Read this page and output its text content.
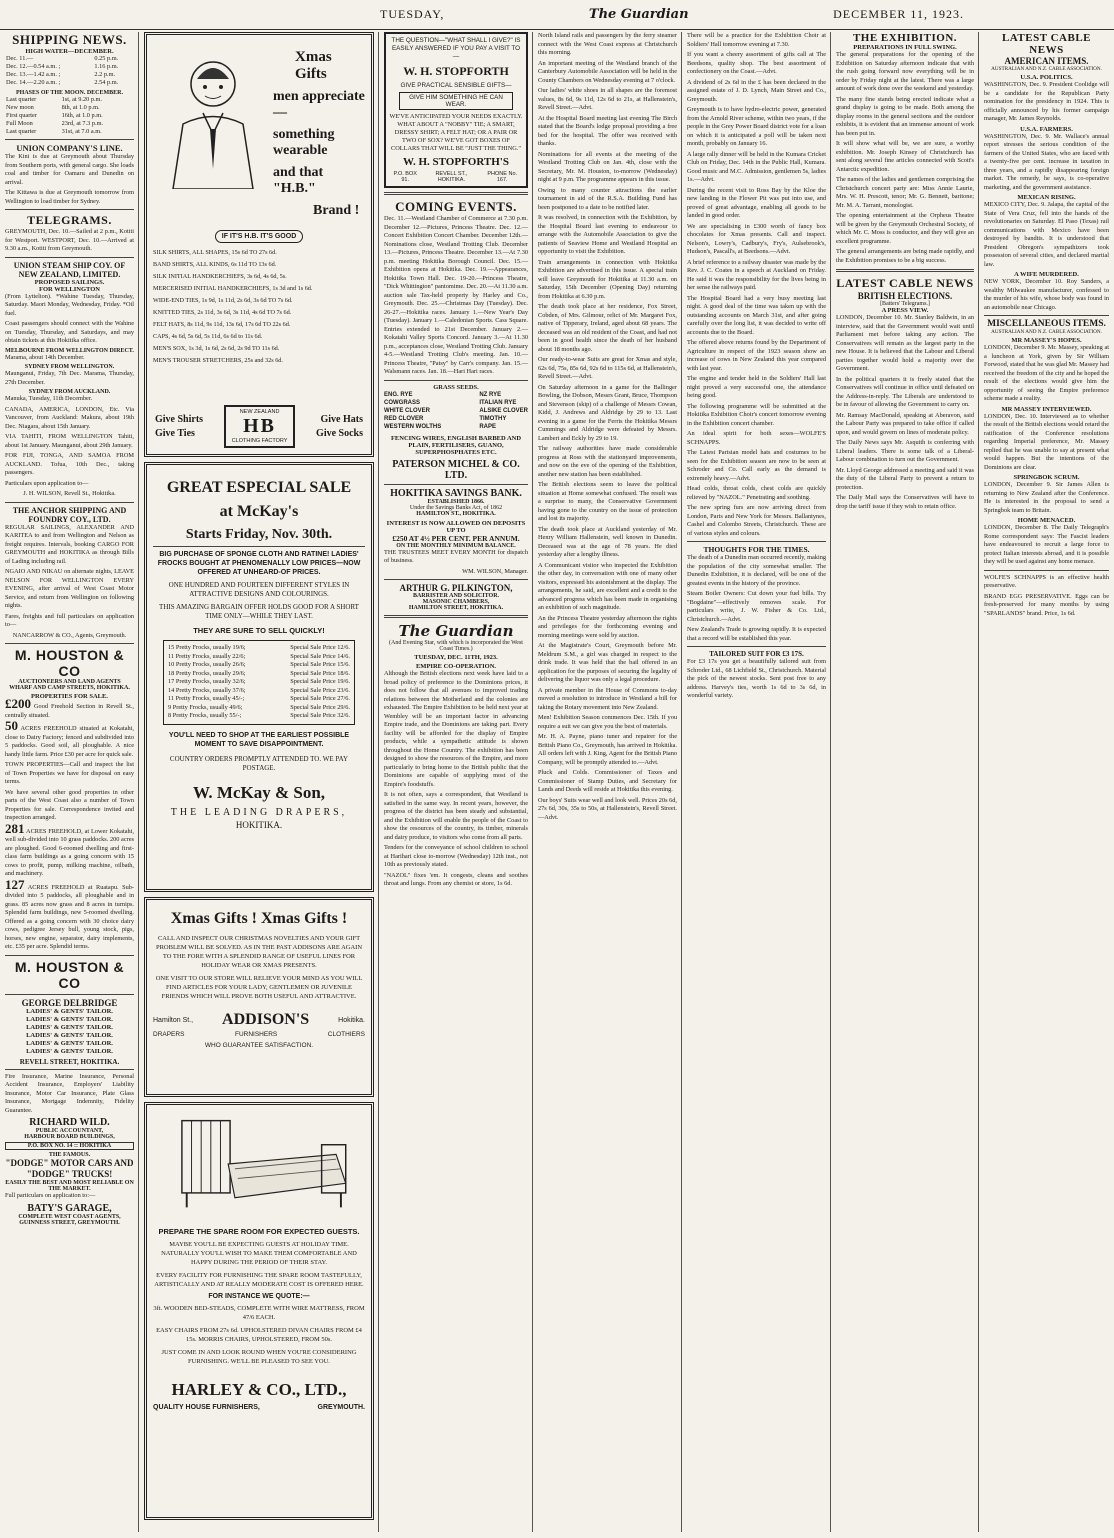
TUESDAY,	The Guardian	DECEMBER 11, 1923.
SHIPPING NEWS.
HIGH WATER—DECEMBER.
Dec. 11.—	0.25 p.m.
Dec. 12.—0.54 a.m. ;	1.16 p.m.
Dec. 13.—1.42 a.m. ;	2.2 p.m.
Dec. 14.—2.20 a.m. ;	2.54 p.m.
PHASES OF THE MOON. DECEMBER.
Last quarter	1st, at 9.20 p.m.
New moon	8th, at 1.0 p.m.
First quarter	16th, at 1.0 p.m.
Full Moon	23rd, at 7.3 p.m.
Last quarter	31st, at 7.0 a.m.
UNION COMPANY'S LINE.

The Kini is due at Greymouth about Thursday from Southern ports, with general cargo. She loads coal and timber for Oamaru and Dunedin on arrival.

The Kittawa is due at Greymouth tomorrow from Wellington to load timber for Sydney.

TELEGRAMS.

GREYMOUTH, Dec. 10.—Sailed at 2 p.m., Kotiti for Westport. WESTPORT, Dec. 10.—Arrived at 9.30 a.m., Kotiti from Greymouth.

UNION STEAM SHIP COY. OF NEW ZEALAND, LIMITED.
PROPOSED SAILINGS.
FOR WELLINGTON

(From Lyttelton). *Wahine Tuesday, Thursday, Saturday. Maori Monday, Wednesday, Friday. *Oil fuel.

Coast passengers should connect with the Wahine on Tuesday, Thursday, and Saturdays, and may obtain tickets at this Hokitika office.

MELBOURNE FROM WELLINGTON DIRECT.

Marama, about 14th December.

SYDNEY FROM WELLINGTON.

Maunganui, Friday, 7th Dec. Marama, Thursday, 27th December.

SYDNEY FROM AUCKLAND.

Manuka, Tuesday, 11th December.

CANADA, AMERICA, LONDON, Etc. Via Vancouver, from Auckland: Makura, about 19th Dec. Niagara, about 15th January.

VIA TAHITI, FROM WELLINGTON Tahiti, about 1st January. Maunganui, about 29th January.

FOR FIJI, TONGA, AND SAMOA FROM AUCKLAND. Tofua, 10th Dec., taking passengers.

Particulars upon application to—

J. H. WILSON, Revell St., Hokitika.

THE ANCHOR SHIPPING AND FOUNDRY COY., LTD.

REGULAR SAILINGS, ALEXANDER AND KARITEA to and from Wellington and Nelson as freight requires. Intervals, booking CARGO FOR GREYMOUTH and HOKITIKA as through Bills of Lading including rail.

NGAIO AND NIKAU on alternate nights, LEAVE NELSON FOR WELLINGTON EVERY EVENING, after arrival of West Coast Motor Service, and return from Wellington on following nights.

Fares, freights and full particulars on application to—

NANCARROW & CO., Agents, Greymouth.

M. HOUSTON & CO
AUCTIONEERS AND LAND AGENTS
WHARF AND CAMP STREETS, HOKITIKA.
PROPERTIES FOR SALE.

£200 Good Freehold Section in Revell St., centrally situated.

50 ACRES FREEHOLD situated at Kokatahi, close to Dairy Factory; fenced and subdivided into 5 paddocks. Good soil, all ploughable. A nice handy little farm. Price £30 per acre for quick sale.

TOWN PROPERTIES—Call and inspect the list of Town Properties we have for disposal on easy terms.

We have several other good properties in other parts of the West Coast also a number of Town Properties for sale. Correspondence invited and inspection arranged.

281 ACRES FREEHOLD, at Lower Kokatahi, well sub-divided into 10 grass paddocks. 200 acres are ploughed. Good 6-roomed dwelling and first-class farm buildings as a going concern with 15 cows to profit, pump, milking machine, oilbath, and machinery.

127 ACRES FREEHOLD at Ruatapu. Sub-divided into 5 paddocks, all ploughable and in grass. 85 acres now grass and 8 acres in turnips. Splendid farm buildings, new 5-roomed dwelling. Offered as a going concern with 30 choice dairy cows, pedigree Jersey bull, young stock, pigs, horses, new engine, separator, dairy implements, etc. £35 per acre. Splendid terms.

M. HOUSTON & CO
GEORGE DELBRIDGE
LADIES' & GENTS' TAILOR.
LADIES' & GENTS' TAILOR.
LADIES' & GENTS' TAILOR.
LADIES' & GENTS' TAILOR.
LADIES' & GENTS' TAILOR.
LADIES' & GENTS' TAILOR.
REVELL STREET, HOKITIKA.

Fire Insurance, Marine Insurance, Personal Accident Insurance, Employers' Liability Insurance, Motor Car Insurance, Plate Glass Insurance, Mortgage Indemnity, Fidelity Guarantee.

RICHARD WILD.
PUBLIC ACCOUNTANT,
HARBOUR BOARD BUILDINGS,
P.O. BOX NO. 14 :: HOKITIKA
THE FAMOUS.
"DODGE" MOTOR CARS AND "DODGE" TRUCKS!
EASILY THE BEST AND MOST RELIABLE ON THE MARKET.

Full particulars on application to:—

BATY'S GARAGE,
COMPLETE WEST COAST AGENTS,
GUINNESS STREET, GREYMOUTH.
Xmas Gifts
men appreciate—
something wearable
and that "H.B."
Brand !
IF IT'S H.B. IT'S GOOD
SILK SHIRTS, ALL SHAPES, 15s 6d TO 27s 6d.
BAND SHIRTS, ALL KINDS, 6s 11d TO 13s 6d.
SILK INITIAL HANDKERCHIEFS, 3s 6d, 4s 6d, 5s.
MERCERISED INITIAL HANDKERCHIEFS, 1s 3d and 1s 6d.
WIDE-END TIES, 1s 9d, 1s 11d, 2s 6d, 3s 6d TO 7s 6d.
KNITTED TIES, 2s 11d, 3s 6d, 3s 11d, 4s 6d TO 7s 6d.
FELT HATS, 8s 11d, 9s 11d, 13s 6d, 17s 6d TO 22s 6d.
CAPS, 4s 6d, 5s 6d, 5s 11d, 6s 6d to 11s 6d.
MEN'S SOX, 1s 3d, 1s 6d, 2s 6d, 2s 9d TO 11s 6d.
MEN'S TROUSER STRETCHERS, 25s and 32s 6d.
Give Shirts
Give Ties
NEW ZEALAND
HB
CLOTHING FACTORY
Give Hats
Give Socks
GREAT ESPECIAL SALE
at McKay's
Starts Friday, Nov. 30th.
BIG PURCHASE OF SPONGE CLOTH AND RATINE! LADIES' FROCKS BOUGHT AT PHENOMENALLY LOW PRICES—NOW OFFERED AT UNHEARD-OF PRICES.
ONE HUNDRED AND FOURTEEN DIFFERENT STYLES IN ATTRACTIVE DESIGNS AND COLOURINGS.
THIS AMAZING BARGAIN OFFER HOLDS GOOD FOR A SHORT TIME ONLY—WHILE THEY LAST.
THEY ARE SURE TO SELL QUICKLY!
15 Pretty Frocks, usually 19/6;	Special Sale Price 12/6.
11 Pretty Frocks, usually 22/6;	Special Sale Price 14/6.
10 Pretty Frocks, usually 26/6;	Special Sale Price 15/6.
18 Pretty Frocks, usually 29/6;	Special Sale Price 18/6.
17 Pretty Frocks, usually 32/6;	Special Sale Price 19/6.
14 Pretty Frocks, usually 37/6;	Special Sale Price 23/6.
11 Pretty Frocks, usually 45/-;	Special Sale Price 27/6.
9 Pretty Frocks, usually 49/6;	Special Sale Price 29/6.
8 Pretty Frocks, usually 55/-;	Special Sale Price 32/6.
YOU'LL NEED TO SHOP AT THE EARLIEST POSSIBLE MOMENT TO SAVE DISAPPOINTMENT.
COUNTRY ORDERS PROMPTLY ATTENDED TO. WE PAY POSTAGE.
W. McKay & Son,
THE LEADING DRAPERS,
HOKITIKA.
Xmas Gifts ! Xmas Gifts !
CALL AND INSPECT OUR CHRISTMAS NOVELTIES AND YOUR GIFT PROBLEM WILL BE SOLVED. AS IN THE PAST ADDISONS ARE AGAIN TO THE FORE WITH A SPLENDID RANGE OF USEFUL LINES FOR HOLIDAY WEAR OR XMAS PRESENTS.
ONE VISIT TO OUR STORE WILL RELIEVE YOUR MIND AS YOU WILL FIND ARTICLES FOR YOUR LADY, GENTLEMEN OR JUVENILE FRIENDS WHICH WILL PROVE BOTH USEFUL AND ATTRACTIVE.
Hamilton St., ADDISON'S	Hokitika.
DRAPERS	FURNISHERS	CLOTHIERS
WHO GUARANTEE SATISFACTION.
PREPARE THE SPARE ROOM FOR EXPECTED GUESTS.
MAYBE YOU'LL BE EXPECTING GUESTS AT HOLIDAY TIME. NATURALLY YOU'LL WISH TO MAKE THEM COMFORTABLE AND HAPPY DURING THE PERIOD OF THEIR STAY.
EVERY FACILITY FOR FURNISHING THE SPARE ROOM TASTEFULLY, ARTISTICALLY AND AT REALLY MODERATE COST IS OFFERED HERE.
FOR INSTANCE WE QUOTE:—
3ft. WOODEN BED-STEADS, COMPLETE WITH WIRE MATTRESS, FROM 47/6 EACH.
EASY CHAIRS FROM 27s 6d. UPHOLSTERED DIVAN CHAIRS FROM £4 15s. MORRIS CHAIRS, UPHOLSTERED, FROM 50s.
JUST COME IN AND LOOK ROUND WHEN YOU'RE CONSIDERING FURNISHING. WE'LL BE PLEASED TO SEE YOU.
HARLEY & CO., LTD.,
QUALITY HOUSE FURNISHERS,	GREYMOUTH.
THE QUESTION—"WHAT SHALL I GIVE?" IS EASILY ANSWERED IF YOU PAY A VISIT TO—
W. H. STOPFORTH
GIVE PRACTICAL SENSIBLE GIFTS—
GIVE HIM SOMETHING HE CAN WEAR.
WE'VE ANTICIPATED YOUR NEEDS EXACTLY. WHAT ABOUT A "NOBBY" TIE; A SMART, DRESSY SHIRT; A FELT HAT; OR A PAIR OR TWO OF SOX? WE'VE GOT BOXES OF COLLARS THAT WILL BE "JUST THE THING."
W. H. STOPFORTH'S
P.O. BOX 91.
REVELL ST., HOKITIKA.
PHONE No. 167.
COMING EVENTS.

Dec. 11.—Westland Chamber of Commerce at 7.30 p.m. December 12.—Pictures, Princess Theatre. Dec. 12.—Concert Exhibition Concert Chamber. December 12th.—Nominations close, Westland Trotting Club. December 13.—Pictures, Princess Theatre. December 13.—At 7.30 p.m. meeting Hokitika Borough Council. Dec. 15.—Exhibition opens at Hokitika. Dec. 19.—Appearances, Hokitika Town Hall. Dec. 19-20.—Princess Theatre, "Dick Whittington" pantomime. Dec. 20.—At 11.30 a.m. auction sale Tax-held property by Harley and Co., Greymouth. Dec. 25.—Christmas Day (Tuesday). Dec. 26-27.—Hokitika races. January 1.—New Year's Day (Tuesday). January 1.—Caledonian Sports. Cass Square. Entries extended to 21st December. January 2.—Kokatahi Valley Sports Concord. January 3.—At 11.30 p.m., acceptances close, Westland Trotting Club. January 4-5.—Westland Trotting Club's meeting. Jan. 10.—Princess Theatre, "Patsy" by Carr's company. Jan. 15.—Walsmann races. Jan. 18.—Hari Hari races.

GRASS SEEDS.
ENG. RYE
COWGRASS
WHITE CLOVER
RED CLOVER
WESTERN WOLTHS
NZ RYE
ITALIAN RYE
ALSIKE CLOVER
TIMOTHY
RAPE
FENCING WIRES, ENGLISH BARBED AND PLAIN, FERTILISERS, GUANO, SUPERPHOSPHATES ETC.
PATERSON MICHEL & CO. LTD.
HOKITIKA SAVINGS BANK.
ESTABLISHED 1866.
Under the Savings Banks Act, of 1862
HAMILTON ST., HOKITIKA.
INTEREST IS NOW ALLOWED ON DEPOSITS UP TO
£250 AT 4½ PER CENT. PER ANNUM.
ON THE MONTHLY MINIMUM BALANCE.

THE TRUSTEES MEET EVERY MONTH for dispatch of business.

WM. WILSON, Manager.

ARTHUR G. PILKINGTON,
BARRISTER AND SOLICITOR.
MASONIC CHAMBERS,
HAMILTON STREET, HOKITIKA.
The Guardian
(And Evening Star, with which is incorporated the West Coast Times.)
TUESDAY, DEC. 11TH, 1923.
EMPIRE CO-OPERATION.

Although the British elections next week have laid to a broad policy of preference to the Dominions prices, it does not follow that all avenues to improved trading relations between the Motherland and the colonies are exhausted. The Empire Exhibition to be held next year at Wembley will be an important factor in advancing Empire trade, and the Dominions are taking part. Every facility will be afforded for the display of Empire products, while a sympathetic attitude is shown throughout the Home Country. The exhibition has been designed to show the resources of the Empire, and more particularly to bring home to the British public that the Dominions are capable of supplying most of the Empire's foodstuffs.

It is not often, says a correspondent, that Westland is satisfied in the same way. In recent years, however, the progress of the district has been steady and substantial, and the Exhibition will enable the people of the Coast to show the resources of the country, its timber, minerals and dairy produce, to visitors who come from all parts.

Tenders for the conveyance of school children to school at Harihari close to-morrow (Wednesday) 12th inst., not 10th as previously stated.

"NAZOL" fixes 'em. It congests, cleans and soothes throat and lungs. From any chemist or store, 1s 6d.

North Island rails and passengers by the ferry steamer connect with the West Coast express at Christchurch this morning.

An important meeting of the Westland branch of the Canterbury Automobile Association will be held in the County Chambers on Wednesday evening at 7 o'clock.

Our ladies' white shoes in all shapes are the foremost values, 8s 6d, 9s 11d, 12s 6d to 21s, at Hallenstein's, Revell Street.—Advt.

At the Hospital Board meeting last evening The Birch stated that the Board's lodge proposal providing a free bed for the hospital. The offer was received with thanks.

Nominations for all events at the meeting of the Westland Trotting Club on Jan. 4th, close with the Secretary, Mr. M. Houston, to-morrow (Wednesday) night at 9 p.m. The programme appears in this issue.

Owing to many counter attractions the earlier tournament in aid of the R.S.A. Building Fund has been postponed to a date to be notified later.

It was resolved, in connection with the Exhibition, by the Hospital Board last evening to endeavour to arrange with the Automobile Association to give the patients of Seaview Home and Westland Hospital an opportunity to visit the Exhibition.

Train arrangements in connection with Hokitika Exhibition are advertised in this issue. A special train will leave Greymouth for Hokitika at 11.30 a.m. on Saturday, 15th December (Opening Day) returning from Hokitika at 6.30 p.m.

The death took place at her residence, Fox Street, Cobden, of Mrs. Gilmour, relict of Mr. Margaret Fox, native of Tipperary, Ireland, aged about 68 years. The deceased was an old resident of the Coast, and had not been in good health since the death of her husband about 18 months ago.

Our ready-to-wear Suits are great for Xmas and style, 62s 6d, 75s, 85s 6d, 92s 6d to 115s 6d, at Hallenstein's, Revell Street.—Advt.

On Saturday afternoon in a game for the Ballinger Bowling, the Dobson, Messrs Grant, Bruce, Thompson and Stevenson (skip) of a challenge of Messrs Cowan, Kidd, J. Andrews and Aldridge by 29 to 13. Last evening in a game for the Ferris the Hokitika Messrs Cummings and Aldridge were defeated by Messrs. Lambert and Eckly by 29 to 19.

The railway authorities have made considerable progress at Ross with the stationyard improvements, and now on the eve of the opening of the Exhibition, another new station has been established.

The British elections seem to leave the political situation at Home somewhat confused. The result was a surprise to many, the Conservative Government having gone to the country on the issue of protection and lost its majority.

The death took place at Auckland yesterday of Mr. Henry William Hallenstein, well known in Dunedin. Deceased was at the age of 78 years. He died yesterday after a lengthy illness.

A Communicant visitor who inspected the Exhibition the other day, in conversation with one of many other visitors, expressed his astonishment at the display. The arrangements, he said, are excellent and a credit to the advanced progress which has been made in organising an exhibition of such magnitude.

An the Princess Theatre yesterday afternoon the rights and privileges for the forthcoming evening and morning meetings were sold by auction.

At the Magistrate's Court, Greymouth before Mr. Meldrum S.M., a girl was charged in respect to the drink trade. It was held that the bail offered in an application for the purposes of securing the legality of delivering the liquor was only a legal procedure.

A private member in the House of Commons to-day moved a resolution to introduce in Westland a bill for taking the Rotary movement into New Zealand.

Men! Exhibition Season commences Dec. 15th. If you require a suit we can give you the best of materials.

Mr. H. A. Payne, piano tuner and repairer for the British Piano Co., Greymouth, has arrived in Hokitika. All orders left with J. King, Agent for the British Piano Company, will be promptly attended to.—Advt.

Pluck and Colds. Commissioner of Taxes and Commissioner of Stamp Duties, and Secretary for Lands and Deeds will reside at Hokitika this evening.

Our boys' Suits wear well and look well. Prices 20s 6d, 27s 6d, 30s, 35s to 50s, at Hallenstein's, Revell Street.—Advt.

There will be a practice for the Exhibition Choir at Soldiers' Hall tomorrow evening at 7.30.

If you want a cheery assortment of gifts call at The Beedsons, quality shop. The best assortment of confectionery on the Coast.—Advt.

A dividend of 2s 6d in the £ has been declared in the assigned estate of J. D. Lynch, Main Street and Co., Greymouth.

Greymouth is to have hydro-electric power, generated from the Arnold River scheme, within two years, if the people in the Grey Power Board district vote for a loan on which it is anticipated a poll will be taken next month, probably on January 16.

A large rally dinner will be held in the Kumara Cricket Club on Friday, Dec. 14th in the Public Hall, Kumara. Good music and M.C. Admission, gentlemen 5s, ladies 1s.—Advt.

During the recent visit to Ross Bay by the Kloe the new landing in the Flower Pit was put into use, and proved of great advantage, enabling all goods to be landed in good order.

We are specialising in £300 worth of fancy box chocolates for Xmas presents. Call and inspect. Nelson's, Lowry's, Cadbury's, Fry's, Aulsebrook's, Hudson's, Pascall's, at Beedsons.—Advt.

A brief reference to a railway disaster was made by the Rev. J. C. Coates in a speech at Auckland on Friday. He said it was the responsibility for the lives being in her sense the railways paid.

The Hospital Board had a very busy meeting last night. A good deal of the time was taken up with the outstanding accounts on March 31st, and after going carefully over the long list, it was decided to write off accounts due to the Board.

The offered above returns found by the Department of Agriculture in respect of the 1923 season show an increase of cows in New Zealand this year compared with last year.

The engine and tender held in the Soldiers' Hall last night proved a very successful one, the attendance being good.

The following programme will be submitted at the Hokitika Exhibition Choir's concert tomorrow evening in the Exhibition concert chamber.

An ideal spirit for both sexes—WOLFE'S SCHNAPPS.

The Latest Parisian model hats and costumes to be seen for the Exhibition season are now to be seen at Schroder and Co. Call early as the demand is extremely heavy.—Advt.

Head colds, throat colds, chest colds are quickly relieved by "NAZOL." Penetrating and soothing.

The new spring furs are now arriving direct from London, Paris and New York for Messrs. Ballantynes, Cashel and Colombo Streets, Christchurch. These are of various styles and colours.

THOUGHTS FOR THE TIMES.

The death of a Dunedin man occurred recently, making the population of the city somewhat smaller. The Dunedin Exhibition, it is declared, will be one of the greatest events in the history of the province.

Steam Boiler Owners: Cut down your fuel bills. Try "Bogdaine"—effectively removes scale. For particulars write, J. W. Fisher & Co. Ltd., Christchurch.—Advt.

New Zealand's Trade is growing rapidly. It is expected that a record will be established this year.

TAILORED SUIT FOR £3 17S.

For £3 17s you get a beautifully tailored suit from Schroder Ltd., 68 Lichfield St., Christchurch. Material the pick of the newest stocks. Sent post free to any address. Harvey's ties, worth 1s 6d to 3s 6d, in wonderful variety.

THE EXHIBITION.
PREPARATIONS IN FULL SWING.

The general preparations for the opening of the Exhibition on Saturday afternoon indicate that with the rush going forward now everything will be in order by Friday night at the latest. There was a large amount of work done over the weekend and yesterday.

The many fine stands being erected indicate what a grand display is going to be made. Both among the display rooms in the general sections and the outdoor exhibits, it is evident that an immense amount of work has been put in.

It will show what will be, we are sure, a worthy exhibition. Mr. Joseph Kinsey of Christchurch has sent along several fine articles connected with Scott's Antarctic expedition.

The names of the ladies and gentlemen comprising the Christchurch concert party are: Miss Annie Laurie, Mrs. W. H. Prescott, tenor; Mr. G. Bennett, baritone; Mr. M. A. Tarrant, monologist.

The opening entertainment at the Orpheus Theatre will be given by the Greymouth Orchestral Society, of which Mr. C. Moss is conductor, and they will give an excellent programme.

The general arrangements are being made rapidly, and the Exhibition promises to be a big success.

LATEST CABLE NEWS
BRITISH ELECTIONS.
[Batters' Telegrams.]
A PRESS VIEW.

LONDON, December 10. Mr. Stanley Baldwin, in an interview, said that the Government would wait until Parliament met before taking any action. The Conservatives will remain as the largest party in the new House. It is believed that the Labour and Liberal parties together would hold a majority over the Government.

In the political quarters it is freely stated that the Conservatives will continue in office until defeated on the Address-in-reply. The Liberals are understood to be in favour of allowing the Government to carry on.

Mr. Ramsay MacDonald, speaking at Aberavon, said the Labour Party was prepared to take office if called upon, and would govern on lines of moderate policy.

The Daily News says Mr. Asquith is conferring with Liberal leaders. There is some talk of a Liberal-Labour combination to turn out the Government.

Mr. Lloyd George addressed a meeting and said it was the duty of the Liberal Party to prevent a return to protection.

The Daily Mail says the Conservatives will have to drop the tariff issue if they wish to retain office.

LATEST CABLE NEWS
AMERICAN ITEMS.
AUSTRALIAN AND N.Z. CABLE ASSOCIATION.
U.S.A. POLITICS.

WASHINGTON, Dec. 9. President Coolidge will be a candidate for the Republican Party nomination for the presidency in 1924. This is officially announced by his former campaign manager, Mr. James Reynolds.

U.S.A. FARMERS.

WASHINGTON, Dec. 9. Mr. Wallace's annual report stresses the serious condition of the farmers of the United States, who are faced with a twenty-five per cent. increase in taxation in three years, and a rapidly disappearing foreign market. The remedy, he says, is co-operative marketing, and the government assistance.

MEXICAN RISING.

MEXICO CITY, Dec. 9. Jalapa, the capital of the State of Vera Cruz, fell into the hands of the revolutionaries on Saturday. El Paso (Texas) rail communications with Mexico have been destroyed by bandits. It is understood that President Obregon's sympathizers took possession of several cities, and declared martial law.

A WIFE MURDERED.

NEW YORK, December 10. Roy Sanders, a wealthy Milwaukee manufacturer, confessed to the murder of his wife, whose body was found in an automobile near Chicago.

MISCELLANEOUS ITEMS.
AUSTRALIAN AND N.Z. CABLE ASSOCIATION.
MR MASSEY'S HOPES.

LONDON, December 9. Mr. Massey, speaking at a luncheon at York, given by Sir William Forwood, stated that he was glad Mr. Massey had received the freedom of the city and he hoped the result of the elections would give him the opportunity of seeing the Empire preference scheme made a reality.

MR MASSEY INTERVIEWED.

LONDON, Dec. 10. Interviewed as to whether the result of the British elections would retard the ratification of the Conference resolutions regarding Imperial preference, Mr. Massey replied that he was unable to say at present what would happen. But the intentions of the Dominions are clear.

SPRINGBOK SCRUM.

LONDON, December 9. Sir James Allen is returning to New Zealand after the Conference. He is interested in the proposal to send a Springbok team to Britain.

HOME MENACED.

LONDON, December 8. The Daily Telegraph's Rome correspondent says: The Fascist leaders have endeavoured to recruit a large force to protect Italian interests abroad, and it is possible they will be used against any home menace.

WOLFE'S SCHNAPPS is an effective health preservative.

BRAND EGG PRESERVATIVE. Eggs can be fresh-preserved for many months by using "SPARLANDS" brand. Price, 1s 6d.
